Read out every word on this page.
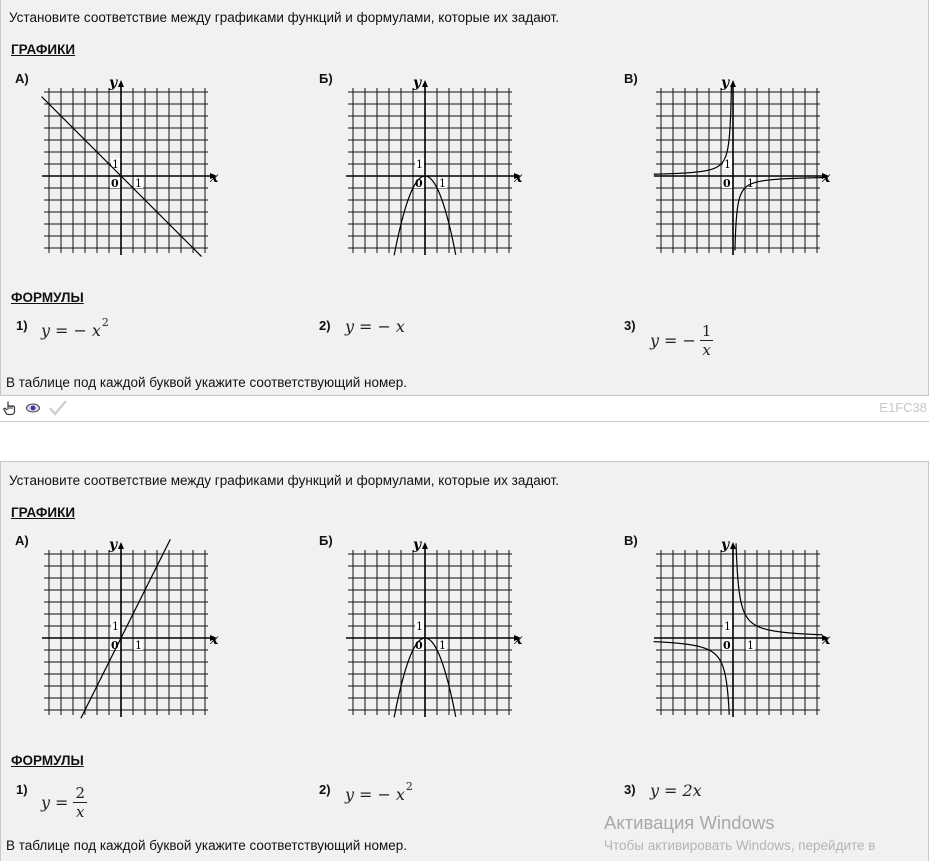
Установите соответствие между графиками функций и формулами, которые их задают.
ГРАФИКИ
А)	Б)	В)
x
y
0 1
1
x
y
0 1
1
x
y
0 1
1
ФОРМУЛЫ
1) y = − x 2	2) y = − x	3)
y = − $\frac{1}{x}$
В таблице под каждой буквой укажите соответствующий номер.
E1FC38
Установите соответствие между графиками функций и формулами, которые их задают.
ГРАФИКИ
А)	Б)	В)
x
y
0 1
1
x
y
0 1
1
x
y
0 1
1
ФОРМУЛЫ
1)
$y = \frac{2}{x}$	2) y = − x 2	3) y = 2x
В таблице под каждой буквой укажите соответствующий номер.
Активация Windows
Чтобы активировать Windows, перейдите в
